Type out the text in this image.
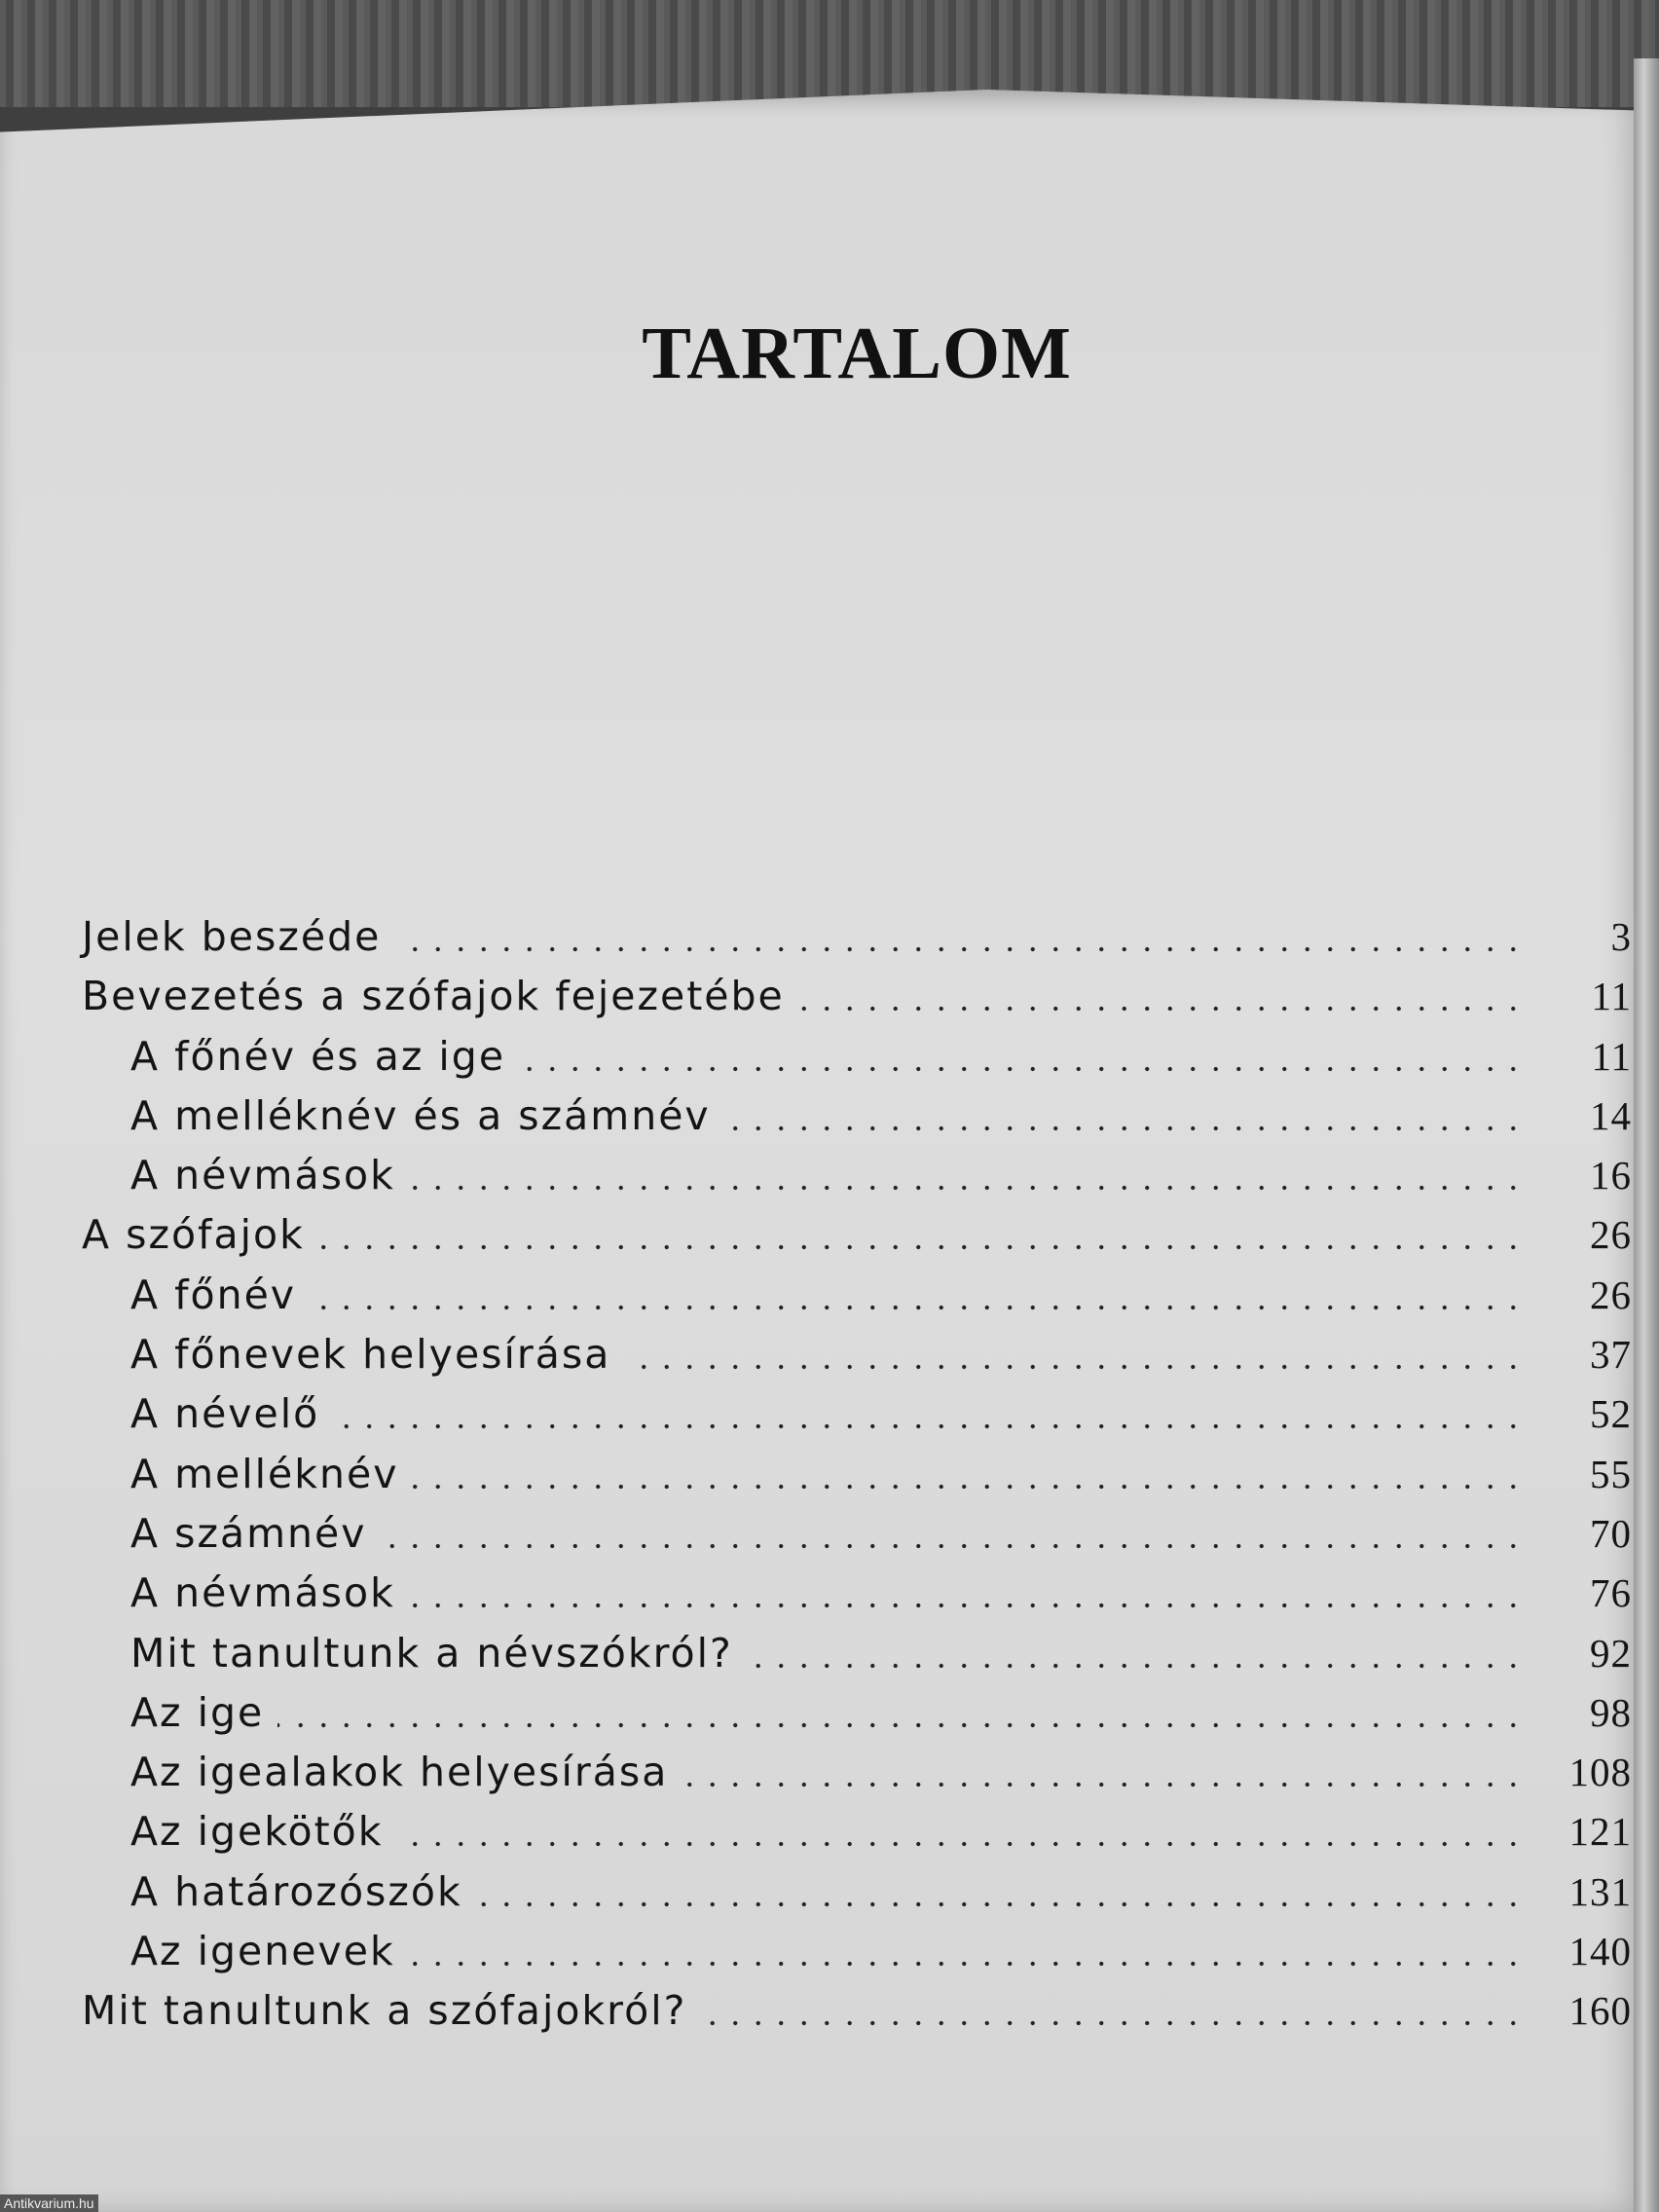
TARTALOM
Jelek beszéde	3
Bevezetés a szófajok fejezetébe	11
A főnév és az ige	11
A melléknév és a számnév	14
A névmások	16
A szófajok	26
A főnév	26
A főnevek helyesírása	37
A névelő	52
A melléknév	55
A számnév	70
A névmások	76
Mit tanultunk a névszókról?	92
Az ige	98
Az igealakok helyesírása	108
Az igekötők	121
A határozószók	131
Az igenevek	140
Mit tanultunk a szófajokról?	160
Antikvarium.hu
